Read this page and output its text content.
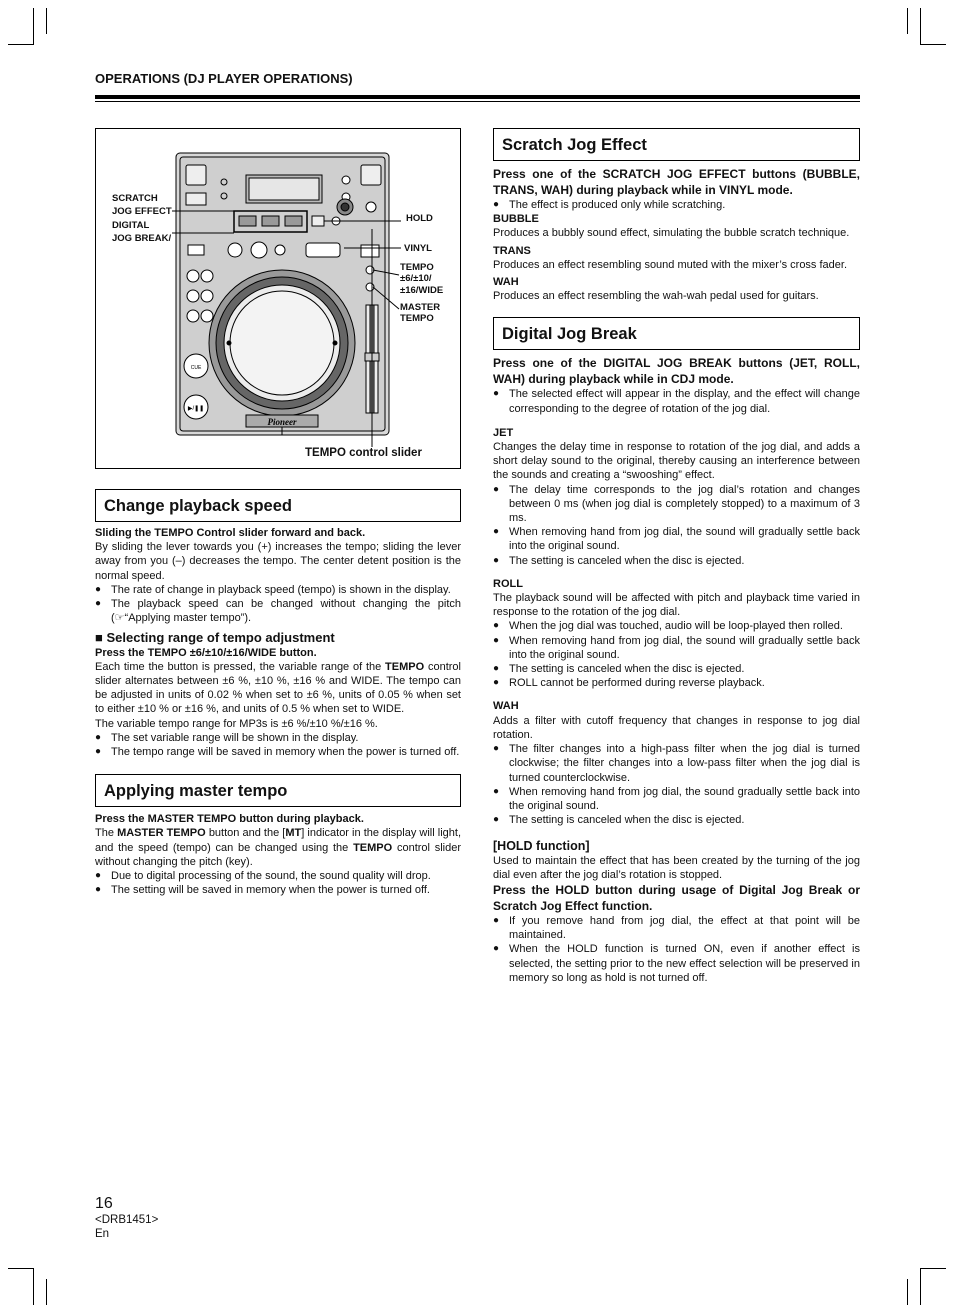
OPERATIONS (DJ PLAYER OPERATIONS)
CUE
▶/❚❚
Pioneer
SCRATCH
JOG EFFECT
DIGITAL
JOG BREAK/
HOLD
VINYL
TEMPO
±6/±10/
±16/WIDE
MASTER
TEMPO
TEMPO control slider
Change playback speed
Sliding the TEMPO Control slider forward and back.

By sliding the lever towards you (+) increases the tempo; sliding the lever away from you (–) decreases the tempo. The center detent position is the normal speed.

● The rate of change in playback speed (tempo) is shown in the display.
● The playback speed can be changed without changing the pitch (☞“Applying master tempo”).
■ Selecting range of tempo adjustment
Press the TEMPO ±6/±10/±16/WIDE button.

Each time the button is pressed, the variable range of the TEMPO control slider alternates between ±6 %, ±10 %, ±16 % and WIDE. The tempo can be adjusted in units of 0.02 % when set to ±6 %, units of 0.05 % when set to either ±10 % or ±16 %, and units of 0.5 % when set to WIDE.

The variable tempo range for MP3s is ±6 %/±10 %/±16 %.

● The set variable range will be shown in the display.
● The tempo range will be saved in memory when the power is turned off.
Applying master tempo
Press the MASTER TEMPO button during playback.

The MASTER TEMPO button and the [MT] indicator in the display will light, and the speed (tempo) can be changed using the TEMPO control slider without changing the pitch (key).

● Due to digital processing of the sound, the sound quality will drop.
● The setting will be saved in memory when the power is turned off.
Scratch Jog Effect
Press one of the SCRATCH JOG EFFECT buttons (BUBBLE, TRANS, WAH) during playback while in VINYL mode.
● The effect is produced only while scratching.
BUBBLE

Produces a bubbly sound effect, simulating the bubble scratch technique.

TRANS

Produces an effect resembling sound muted with the mixer’s cross fader.

WAH

Produces an effect resembling the wah-wah pedal used for guitars.

Digital Jog Break
Press one of the DIGITAL JOG BREAK buttons (JET, ROLL, WAH) during playback while in CDJ mode.
● The selected effect will appear in the display, and the effect will change corresponding to the degree of rotation of the jog dial.
JET

Changes the delay time in response to rotation of the jog dial, and adds a short delay sound to the original, thereby causing an interference between the sounds and creating a “swooshing” effect.

● The delay time corresponds to the jog dial’s rotation and changes between 0 ms (when jog dial is completely stopped) to a maximum of 3 ms.
● When removing hand from jog dial, the sound will gradually settle back into the original sound.
● The setting is canceled when the disc is ejected.
ROLL

The playback sound will be affected with pitch and playback time varied in response to the rotation of the jog dial.

● When the jog dial was touched, audio will be loop-played then rolled.
● When removing hand from jog dial, the sound will gradually settle back into the original sound.
● The setting is canceled when the disc is ejected.
● ROLL cannot be performed during reverse playback.
WAH

Adds a filter with cutoff frequency that changes in response to jog dial rotation.

● The filter changes into a high-pass filter when the jog dial is turned clockwise; the filter changes into a low-pass filter when the jog dial is turned counterclockwise.
● When removing hand from jog dial, the sound gradually settle back into the original sound.
● The setting is canceled when the disc is ejected.
[HOLD function]

Used to maintain the effect that has been created by the turning of the jog dial even after the jog dial’s rotation is stopped.

Press the HOLD button during usage of Digital Jog Break or Scratch Jog Effect function.
● If you remove hand from jog dial, the effect at that point will be maintained.
● When the HOLD function is turned ON, even if another effect is selected, the setting prior to the new effect selection will be preserved in memory so long as hold is not turned off.
16
<DRB1451>
En
